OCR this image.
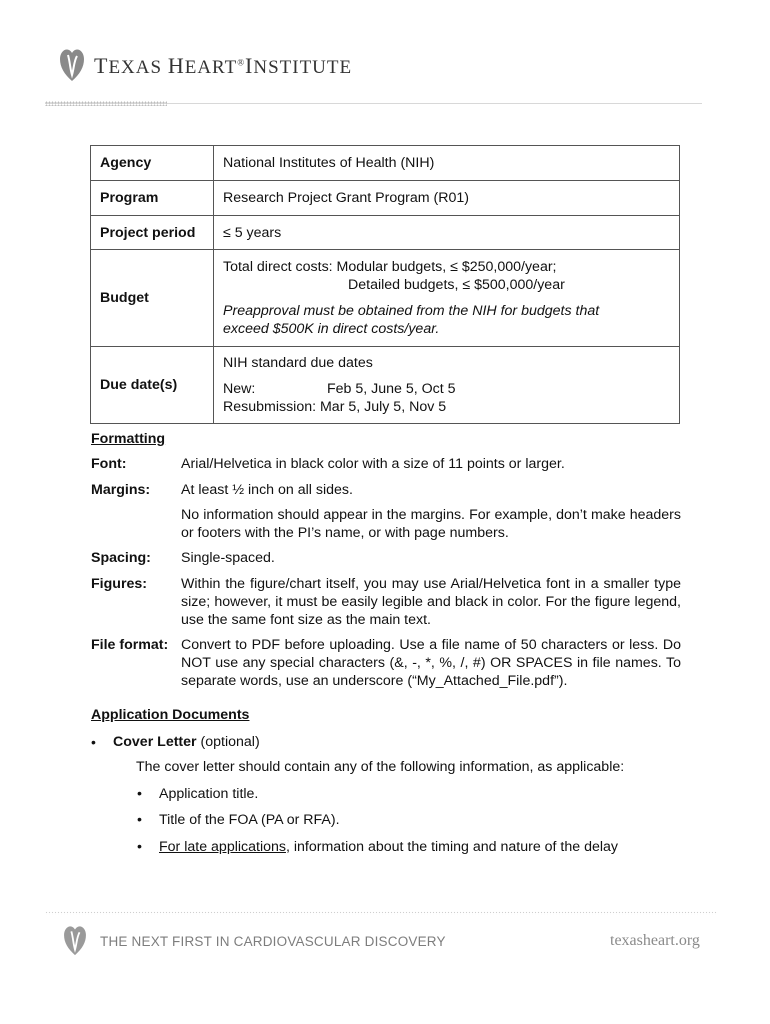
TEXAS HEART®INSTITUTE
Agency	National Institutes of Health (NIH)
Program	Research Project Grant Program (R01)
Project period	≤ 5 years
Budget	Total direct costs: Modular budgets, ≤ $250,000/year;
Detailed budgets, ≤ $500,000/year
Preapproval must be obtained from the NIH for budgets that
exceed $500K in direct costs/year.

Due date(s)	NIH standard due dates
New: Feb 5, June 5, Oct 5
Resubmission: Mar 5, July 5, Nov 5
Formatting
Font:	Arial/Helvetica in black color with a size of 11 points or larger.
Margins: At least ½ inch on all sides.
No information should appear in the margins. For example, don’t make headers or footers with the PI’s name, or with page numbers.
Spacing: Single-spaced.
Figures: Within the figure/chart itself, you may use Arial/Helvetica font in a smaller type size; however, it must be easily legible and black in color. For the figure legend, use the same font size as the main text.
File format: Convert to PDF before uploading. Use a file name of 50 characters or less. Do NOT use any special characters (&, -, *, %, /, #) OR SPACES in file names. To separate words, use an underscore (“My_Attached_File.pdf”).
Application Documents
• Cover Letter (optional)
The cover letter should contain any of the following information, as applicable:
• Application title.
• Title of the FOA (PA or RFA).
• For late applications, information about the timing and nature of the delay
THE NEXT FIRST IN CARDIOVASCULAR DISCOVERY	texasheart.org
